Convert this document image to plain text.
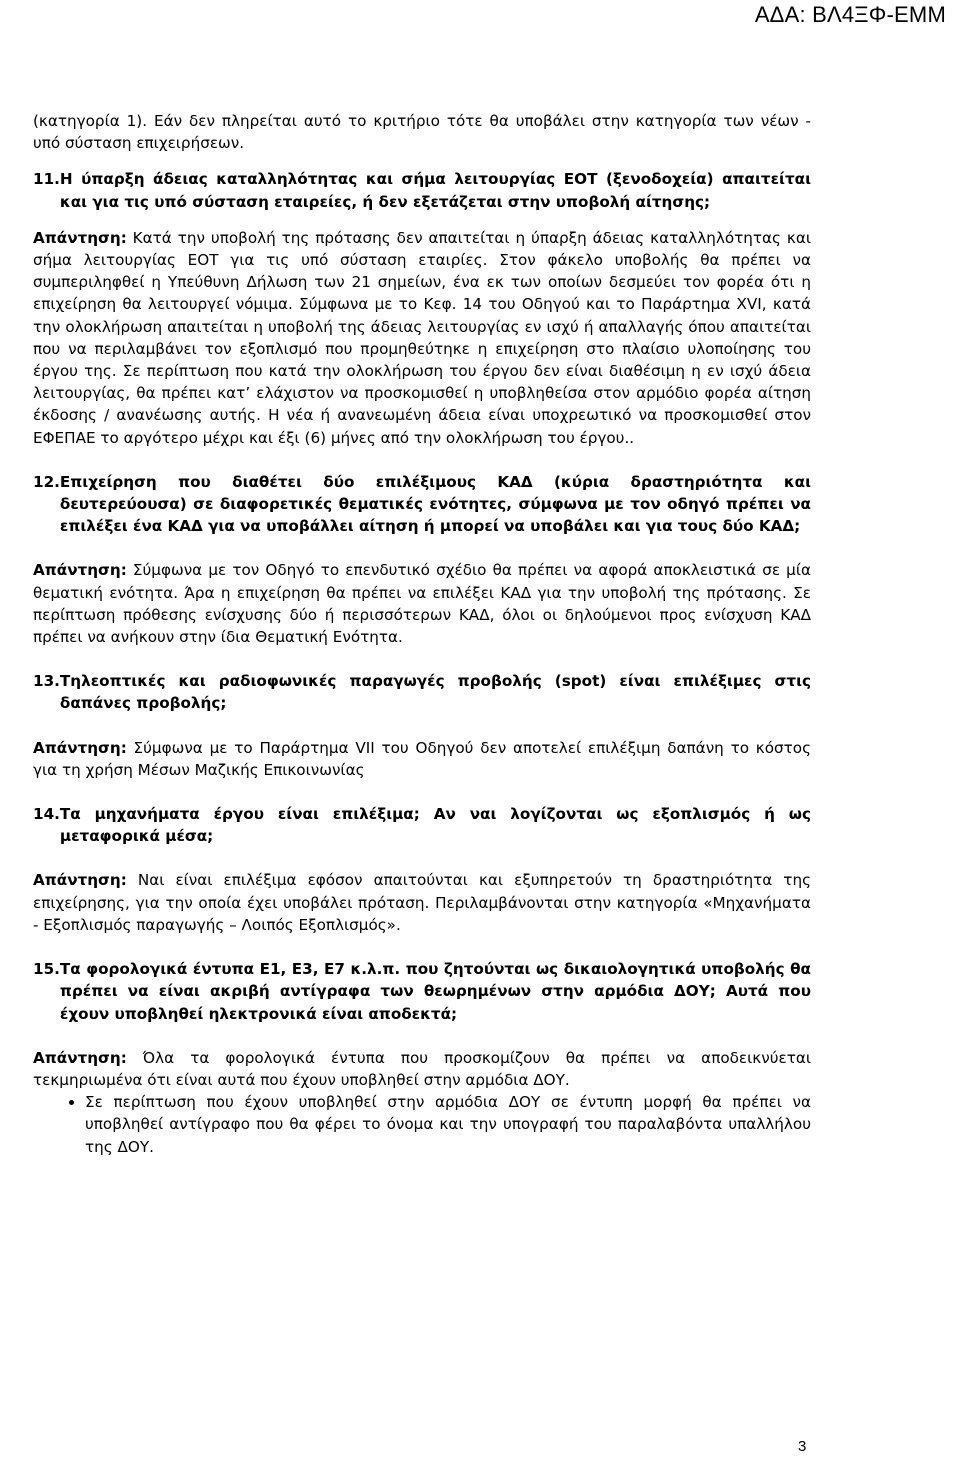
ΑΔΑ: ΒΛ4ΞΦ-ΕΜΜ

(κατηγορία 1). Εάν δεν πληρείται αυτό το κριτήριο τότε θα υποβάλει στην κατηγορία των νέων - υπό σύσταση επιχειρήσεων.

11. Η ύπαρξη άδειας καταλληλότητας και σήμα λειτουργίας ΕΟΤ (ξενοδοχεία) απαιτείται και για τις υπό σύσταση εταιρείες, ή δεν εξετάζεται στην υποβολή αίτησης;

Απάντηση: Κατά την υποβολή της πρότασης δεν απαιτείται η ύπαρξη άδειας καταλληλότητας και σήμα λειτουργίας ΕΟΤ για τις υπό σύσταση εταιρίες. Στον φάκελο υποβολής θα πρέπει να συμπεριληφθεί η Υπεύθυνη Δήλωση των 21 σημείων, ένα εκ των οποίων δεσμεύει τον φορέα ότι η επιχείρηση θα λειτουργεί νόμιμα. Σύμφωνα με το Κεφ. 14 του Οδηγού και το Παράρτημα XVI, κατά την ολοκλήρωση απαιτείται η υποβολή της άδειας λειτουργίας εν ισχύ ή απαλλαγής όπου απαιτείται που να περιλαμβάνει τον εξοπλισμό που προμηθεύτηκε η επιχείρηση στο πλαίσιο υλοποίησης του έργου της. Σε περίπτωση που κατά την ολοκλήρωση του έργου δεν είναι διαθέσιμη η εν ισχύ άδεια λειτουργίας, θα πρέπει κατ’ ελάχιστον να προσκομισθεί η υποβληθείσα στον αρμόδιο φορέα αίτηση έκδοσης / ανανέωσης αυτής. Η νέα ή ανανεωμένη άδεια είναι υποχρεωτικό να προσκομισθεί στον ΕΦΕΠΑΕ το αργότερο μέχρι και έξι (6) μήνες από την ολοκλήρωση του έργου..

12. Επιχείρηση που διαθέτει δύο επιλέξιμους ΚΑΔ (κύρια δραστηριότητα και δευτερεύουσα) σε διαφορετικές θεματικές ενότητες, σύμφωνα με τον οδηγό πρέπει να επιλέξει ένα ΚΑΔ για να υποβάλλει αίτηση ή μπορεί να υποβάλει και για τους δύο ΚΑΔ;

Απάντηση: Σύμφωνα με τον Οδηγό το επενδυτικό σχέδιο θα πρέπει να αφορά αποκλειστικά σε μία θεματική ενότητα. Άρα η επιχείρηση θα πρέπει να επιλέξει ΚΑΔ για την υποβολή της πρότασης. Σε περίπτωση πρόθεσης ενίσχυσης δύο ή περισσότερων ΚΑΔ, όλοι οι δηλούμενοι προς ενίσχυση ΚΑΔ πρέπει να ανήκουν στην ίδια Θεματική Ενότητα.

13. Τηλεοπτικές και ραδιοφωνικές παραγωγές προβολής (spot) είναι επιλέξιμες στις δαπάνες προβολής;

Απάντηση: Σύμφωνα με το Παράρτημα VII του Οδηγού δεν αποτελεί επιλέξιμη δαπάνη το κόστος για τη χρήση Μέσων Μαζικής Επικοινωνίας

14. Τα μηχανήματα έργου είναι επιλέξιμα; Αν ναι λογίζονται ως εξοπλισμός ή ως μεταφορικά μέσα;

Απάντηση: Ναι είναι επιλέξιμα εφόσον απαιτούνται και εξυπηρετούν τη δραστηριότητα της επιχείρησης, για την οποία έχει υποβάλει πρόταση. Περιλαμβάνονται στην κατηγορία «Μηχανήματα - Εξοπλισμός παραγωγής – Λοιπός Εξοπλισμός».

15. Τα φορολογικά έντυπα Ε1, Ε3, Ε7 κ.λ.π. που ζητούνται ως δικαιολογητικά υποβολής θα πρέπει να είναι ακριβή αντίγραφα των θεωρημένων στην αρμόδια ΔΟΥ; Αυτά που έχουν υποβληθεί ηλεκτρονικά είναι αποδεκτά;

Απάντηση: Όλα τα φορολογικά έντυπα που προσκομίζουν θα πρέπει να αποδεικνύεται τεκμηριωμένα ότι είναι αυτά που έχουν υποβληθεί στην αρμόδια ΔΟΥ.

• Σε περίπτωση που έχουν υποβληθεί στην αρμόδια ΔΟΥ σε έντυπη μορφή θα πρέπει να υποβληθεί αντίγραφο που θα φέρει το όνομα και την υπογραφή του παραλαβόντα υπαλλήλου της ΔΟΥ.
3
